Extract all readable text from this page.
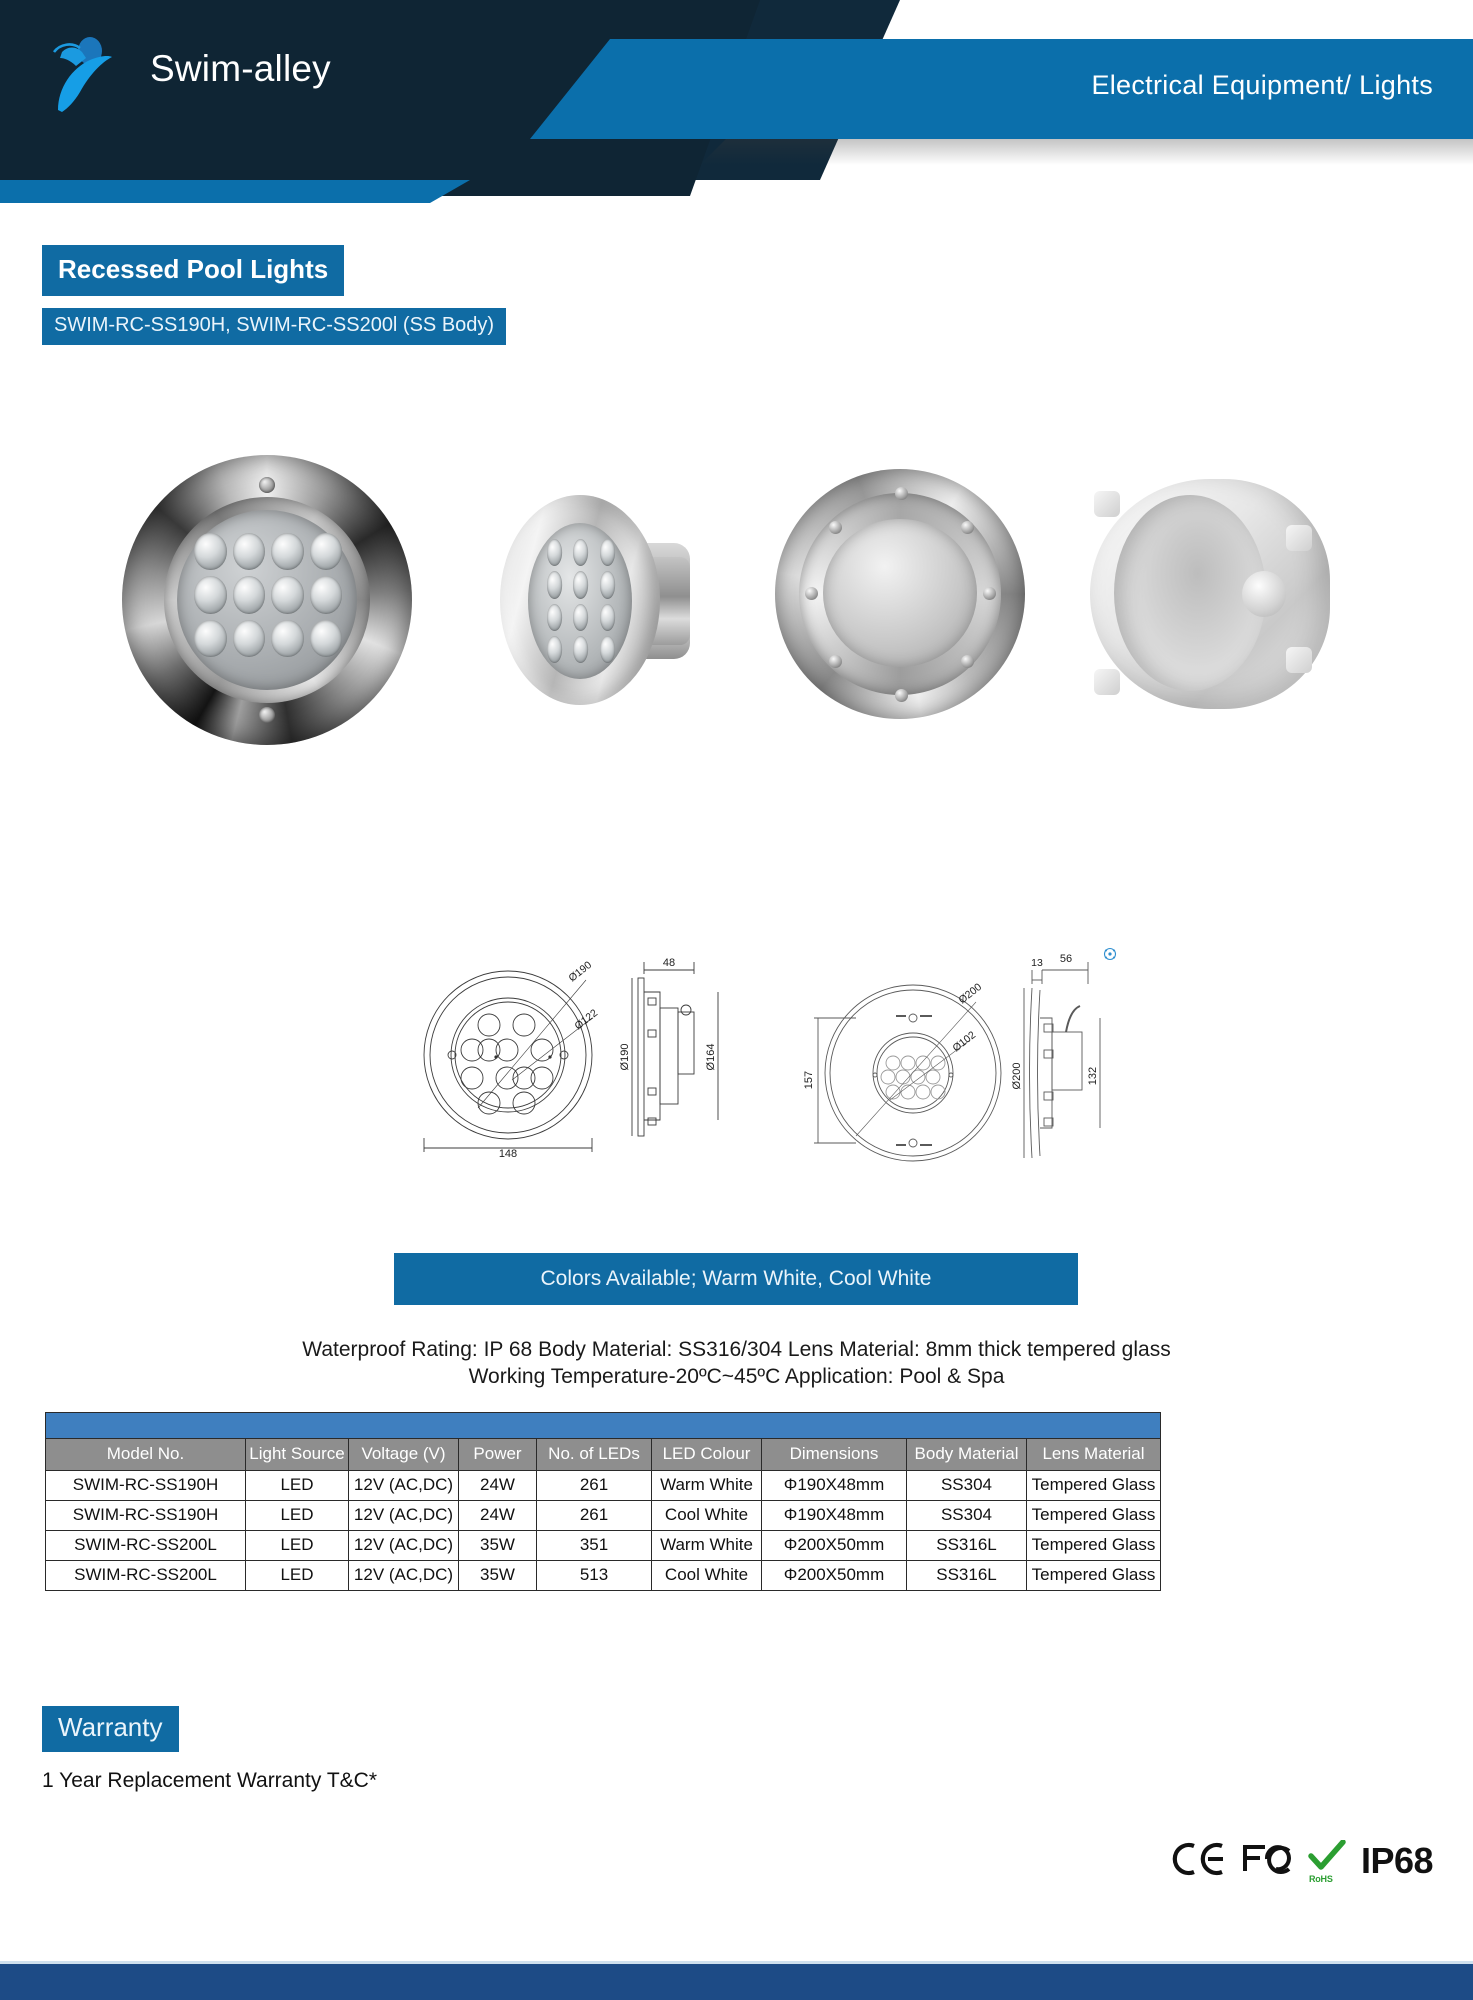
Electrical Equipment/ Lights
Swim-alley
Recessed Pool Lights
SWIM-RC-SS190H, SWIM-RC-SS200l (SS Body)
148
Ø190
Ø122
48
Ø190	Ø164
157
Ø200
Ø102
13 56
Ø200	132
Colors Available; Warm White, Cool White
Waterproof Rating: IP 68 Body Material: SS316/304 Lens Material: 8mm thick tempered glass
Working Temperature-20ºC~45ºC Application: Pool & Spa

Model No.	Light Source	Voltage (V)	Power	No. of LEDs	LED Colour	Dimensions	Body Material	Lens Material
SWIM-RC-SS190H	LED	12V (AC,DC)	24W	261	Warm White	Φ190X48mm	SS304	Tempered Glass
SWIM-RC-SS190H	LED	12V (AC,DC)	24W	261	Cool White	Φ190X48mm	SS304	Tempered Glass
SWIM-RC-SS200L	LED	12V (AC,DC)	35W	351	Warm White	Φ200X50mm	SS316L	Tempered Glass
SWIM-RC-SS200L	LED	12V (AC,DC)	35W	513	Cool White	Φ200X50mm	SS316L	Tempered Glass
Warranty
1 Year Replacement Warranty T&C*
RoHS IP68
